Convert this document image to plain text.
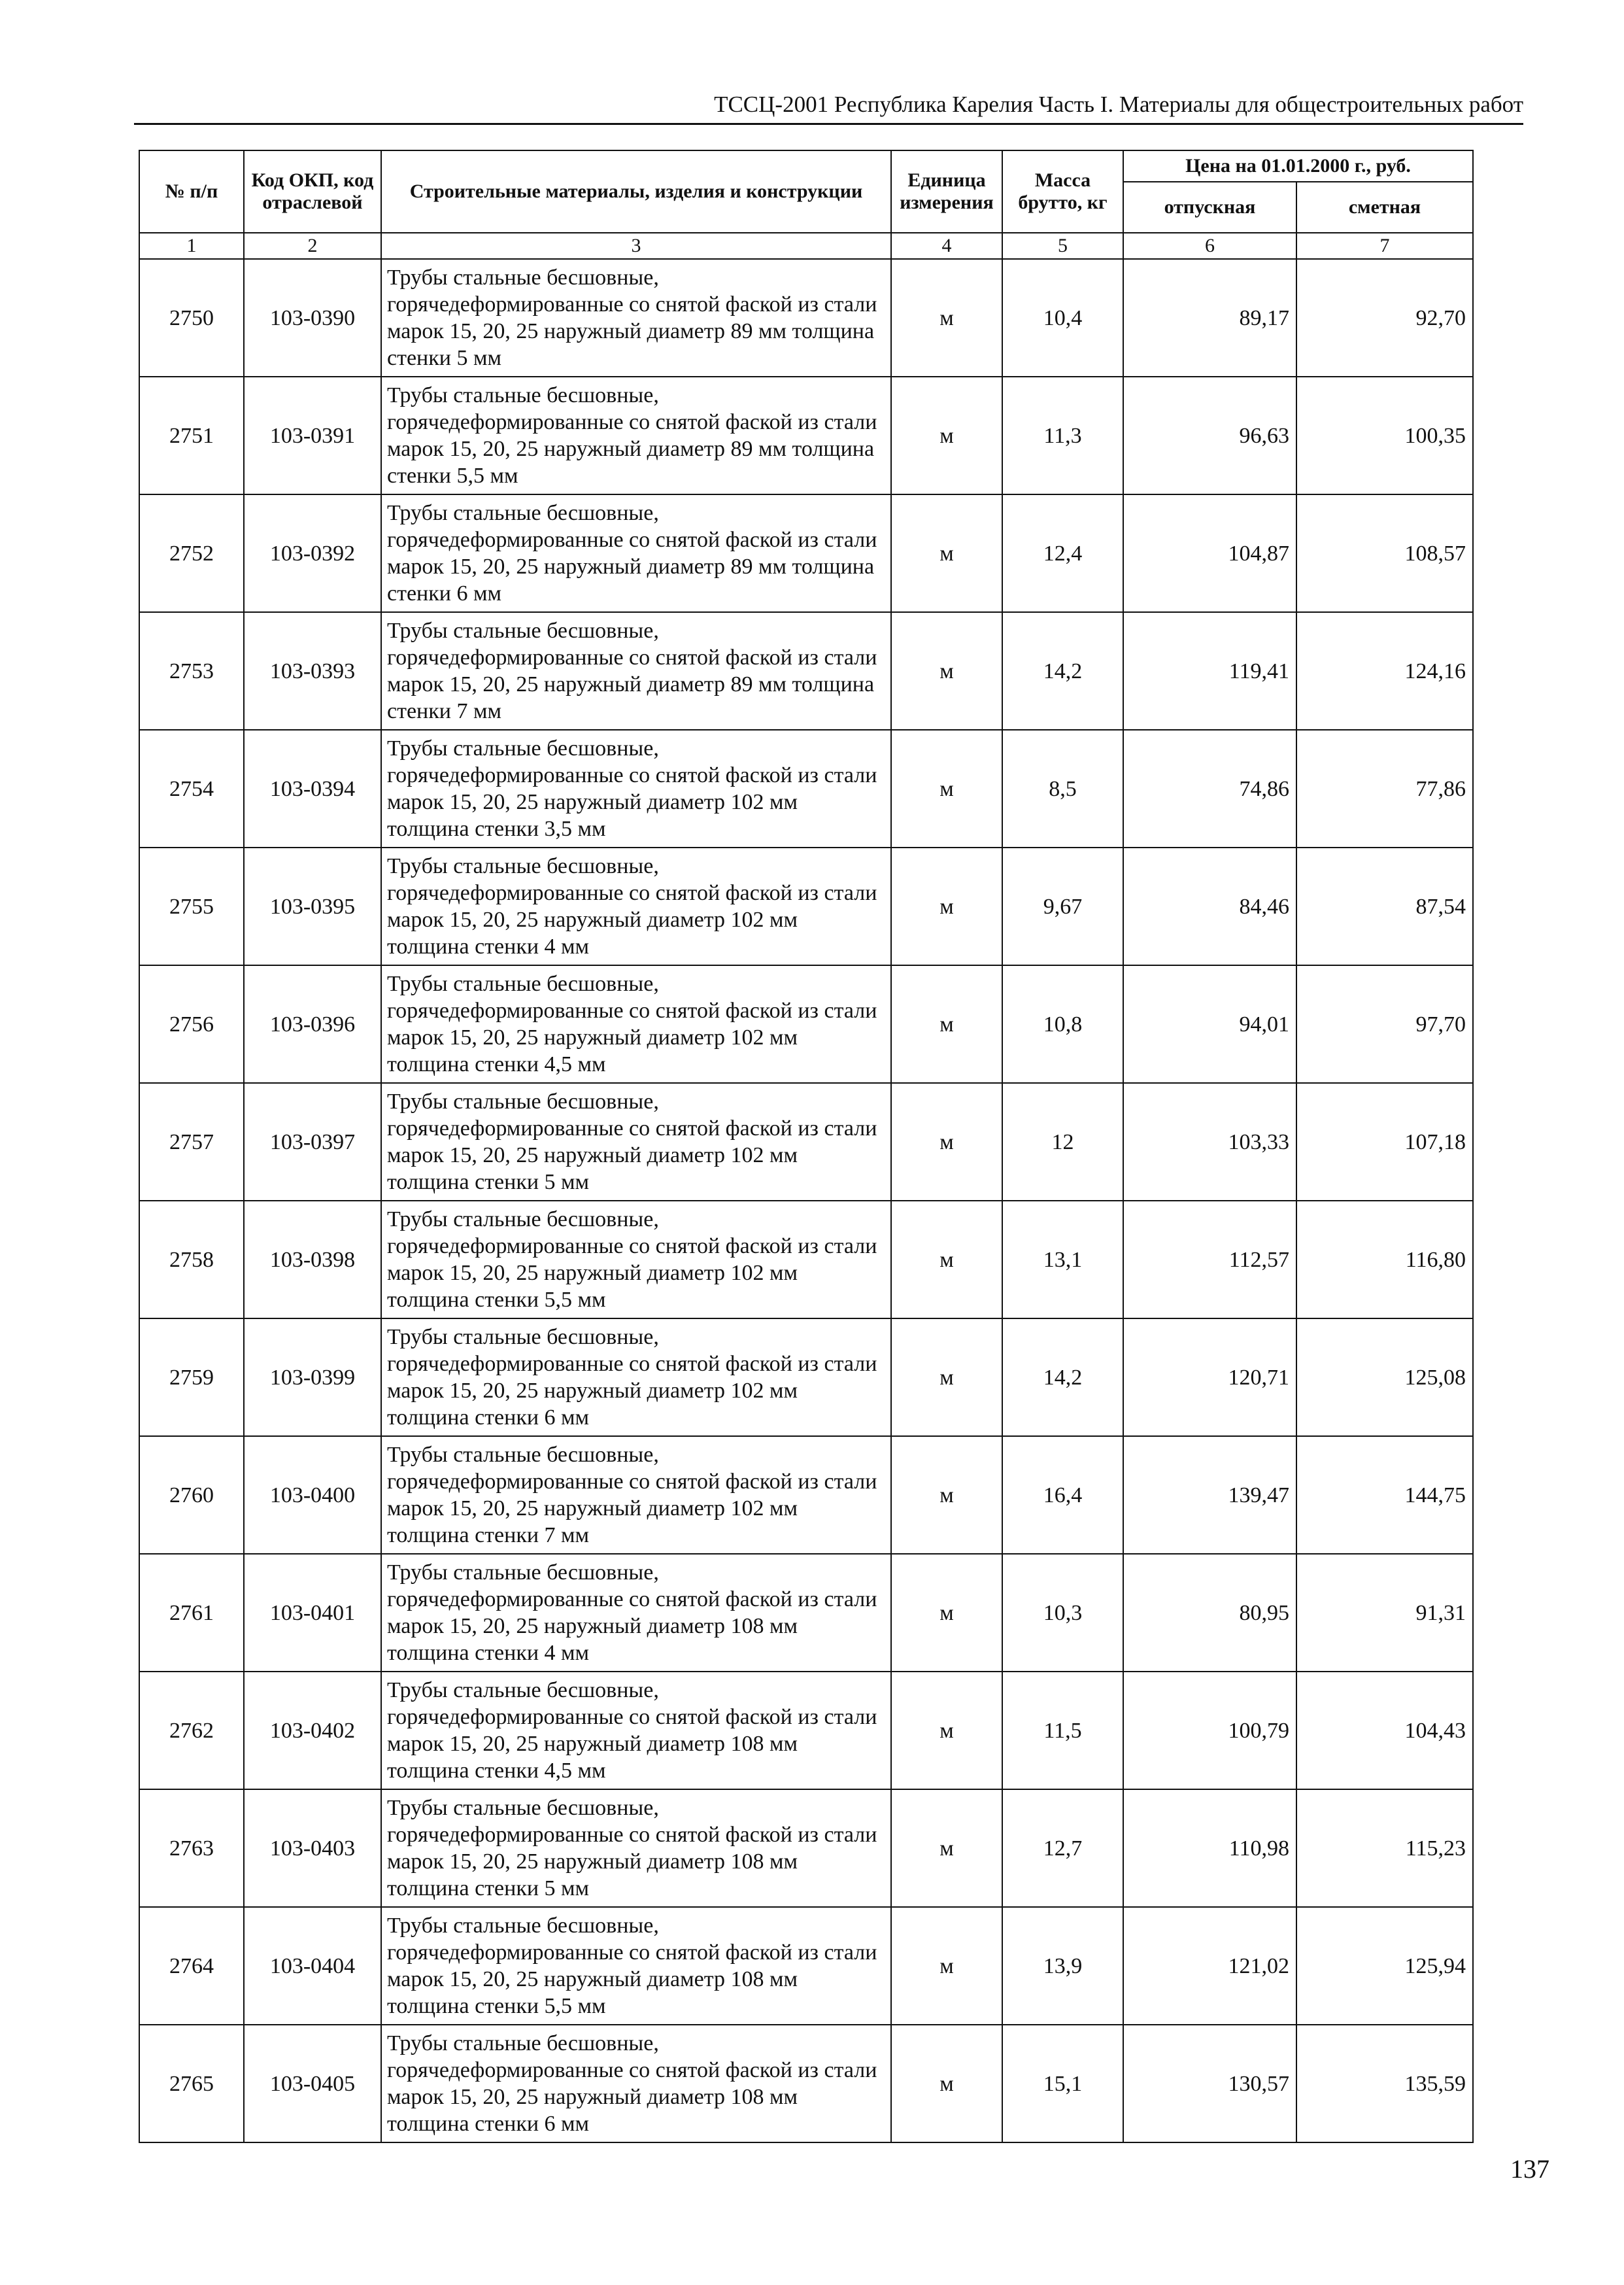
ТССЦ-2001 Республика Карелия Часть I. Материалы для общестроительных работ
№ п/п	Код ОКП, код отраслевой	Строительные материалы, изделия и конструкции	Единица измерения	Масса брутто, кг	Цена на 01.01.2000 г., руб.	
					отпускная	сметная
1	2	3	4	5	6	7
2750	103-0390	Трубы стальные бесшовные, горячедеформированные со снятой фаской из стали марок 15, 20, 25 наружный диаметр 89 мм толщина стенки 5 мм	м	10,4	89,17	92,70
2751	103-0391	Трубы стальные бесшовные, горячедеформированные со снятой фаской из стали марок 15, 20, 25 наружный диаметр 89 мм толщина стенки 5,5 мм	м	11,3	96,63	100,35
2752	103-0392	Трубы стальные бесшовные, горячедеформированные со снятой фаской из стали марок 15, 20, 25 наружный диаметр 89 мм толщина стенки 6 мм	м	12,4	104,87	108,57
2753	103-0393	Трубы стальные бесшовные, горячедеформированные со снятой фаской из стали марок 15, 20, 25 наружный диаметр 89 мм толщина стенки 7 мм	м	14,2	119,41	124,16
2754	103-0394	Трубы стальные бесшовные, горячедеформированные со снятой фаской из стали марок 15, 20, 25 наружный диаметр 102 мм толщина стенки 3,5 мм	м	8,5	74,86	77,86
2755	103-0395	Трубы стальные бесшовные, горячедеформированные со снятой фаской из стали марок 15, 20, 25 наружный диаметр 102 мм толщина стенки 4 мм	м	9,67	84,46	87,54
2756	103-0396	Трубы стальные бесшовные, горячедеформированные со снятой фаской из стали марок 15, 20, 25 наружный диаметр 102 мм толщина стенки 4,5 мм	м	10,8	94,01	97,70
2757	103-0397	Трубы стальные бесшовные, горячедеформированные со снятой фаской из стали марок 15, 20, 25 наружный диаметр 102 мм толщина стенки 5 мм	м	12	103,33	107,18
2758	103-0398	Трубы стальные бесшовные, горячедеформированные со снятой фаской из стали марок 15, 20, 25 наружный диаметр 102 мм толщина стенки 5,5 мм	м	13,1	112,57	116,80
2759	103-0399	Трубы стальные бесшовные, горячедеформированные со снятой фаской из стали марок 15, 20, 25 наружный диаметр 102 мм толщина стенки 6 мм	м	14,2	120,71	125,08
2760	103-0400	Трубы стальные бесшовные, горячедеформированные со снятой фаской из стали марок 15, 20, 25 наружный диаметр 102 мм толщина стенки 7 мм	м	16,4	139,47	144,75
2761	103-0401	Трубы стальные бесшовные, горячедеформированные со снятой фаской из стали марок 15, 20, 25 наружный диаметр 108 мм толщина стенки 4 мм	м	10,3	80,95	91,31
2762	103-0402	Трубы стальные бесшовные, горячедеформированные со снятой фаской из стали марок 15, 20, 25 наружный диаметр 108 мм толщина стенки 4,5 мм	м	11,5	100,79	104,43
2763	103-0403	Трубы стальные бесшовные, горячедеформированные со снятой фаской из стали марок 15, 20, 25 наружный диаметр 108 мм толщина стенки 5 мм	м	12,7	110,98	115,23
2764	103-0404	Трубы стальные бесшовные, горячедеформированные со снятой фаской из стали марок 15, 20, 25 наружный диаметр 108 мм толщина стенки 5,5 мм	м	13,9	121,02	125,94
2765	103-0405	Трубы стальные бесшовные, горячедеформированные со снятой фаской из стали марок 15, 20, 25 наружный диаметр 108 мм толщина стенки 6 мм	м	15,1	130,57	135,59
137
